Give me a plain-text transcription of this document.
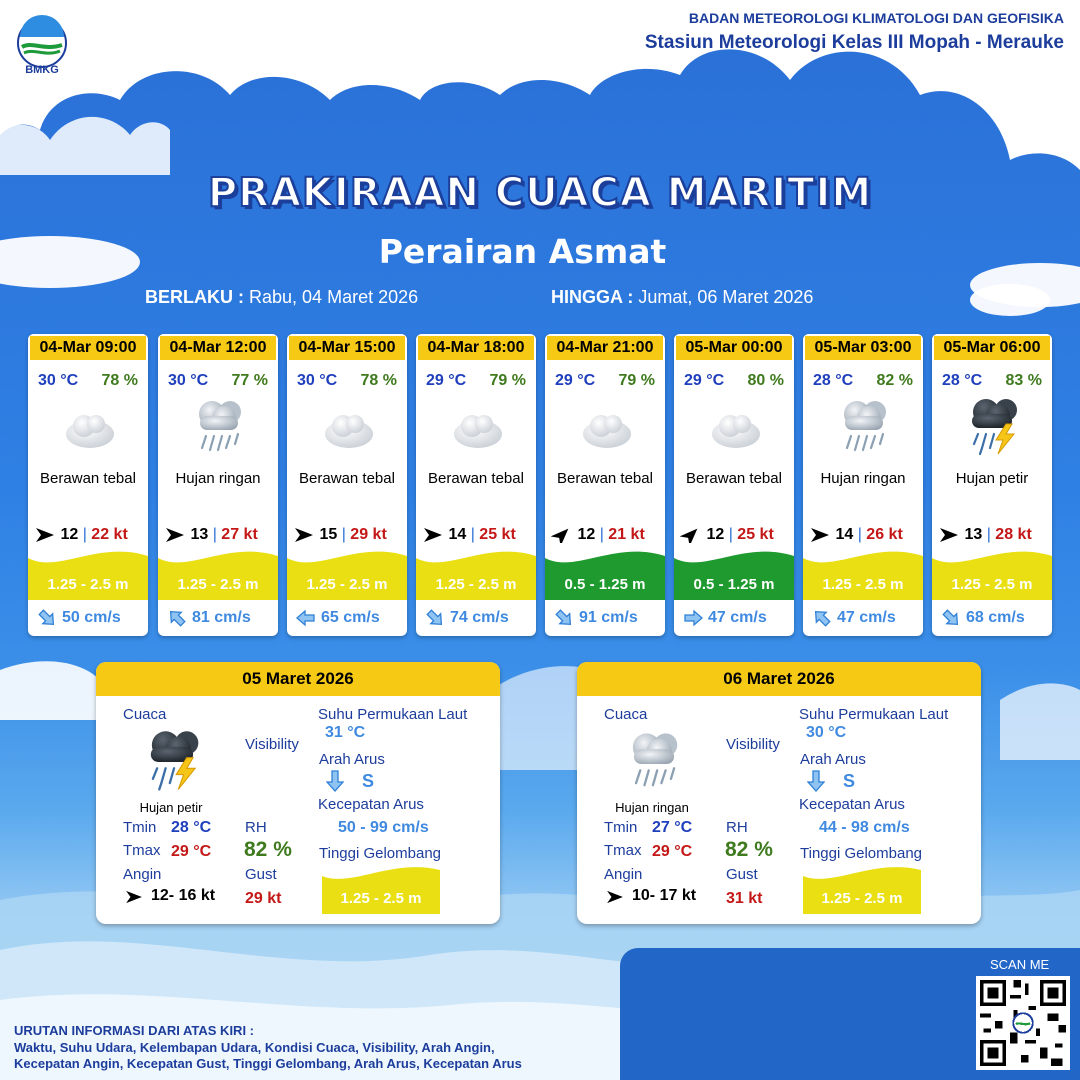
BMKG
BADAN METEOROLOGI KLIMATOLOGI DAN GEOFISIKA
Stasiun Meteorologi Kelas III Mopah - Merauke
PRAKIRAAN CUACA MARITIM
Perairan Asmat
BERLAKU : Rabu, 04 Maret 2026	HINGGA : Jumat, 06 Maret 2026
04-Mar 09:00
30 °C 78 %
Berawan tebal
12 | 22 kt
1.25 - 2.5 m
50 cm/s
04-Mar 12:00
30 °C 77 %
Hujan ringan
13 | 27 kt
1.25 - 2.5 m
81 cm/s
04-Mar 15:00
30 °C 78 %
Berawan tebal
15 | 29 kt
1.25 - 2.5 m
65 cm/s
04-Mar 18:00
29 °C 79 %
Berawan tebal
14 | 25 kt
1.25 - 2.5 m
74 cm/s
04-Mar 21:00
29 °C 79 %
Berawan tebal
12 | 21 kt
0.5 - 1.25 m
91 cm/s
05-Mar 00:00
29 °C 80 %
Berawan tebal
12 | 25 kt
0.5 - 1.25 m
47 cm/s
05-Mar 03:00
28 °C 82 %
Hujan ringan
14 | 26 kt
1.25 - 2.5 m
47 cm/s
05-Mar 06:00
28 °C 83 %
Hujan petir
13 | 28 kt
1.25 - 2.5 m
68 cm/s
05 Maret 2026
Cuaca
Hujan petir
Visibility
Suhu Permukaan Laut
31 °C
Arah Arus
S
Kecepatan Arus
50 - 99 cm/s
Tinggi Gelombang
1.25 - 2.5 m
Tmin 28 °C
Tmax 29 °C
Angin
12- 16 kt
RH
82 %
Gust
29 kt
06 Maret 2026
Cuaca
Hujan ringan
Visibility
Suhu Permukaan Laut
30 °C
Arah Arus
S
Kecepatan Arus
44 - 98 cm/s
Tinggi Gelombang
1.25 - 2.5 m
Tmin 27 °C
Tmax 29 °C
Angin
10- 17 kt
RH
82 %
Gust
31 kt
SCAN ME
URUTAN INFORMASI DARI ATAS KIRI :
Waktu, Suhu Udara, Kelembapan Udara, Kondisi Cuaca, Visibility, Arah Angin,
Kecepatan Angin, Kecepatan Gust, Tinggi Gelombang, Arah Arus, Kecepatan Arus
